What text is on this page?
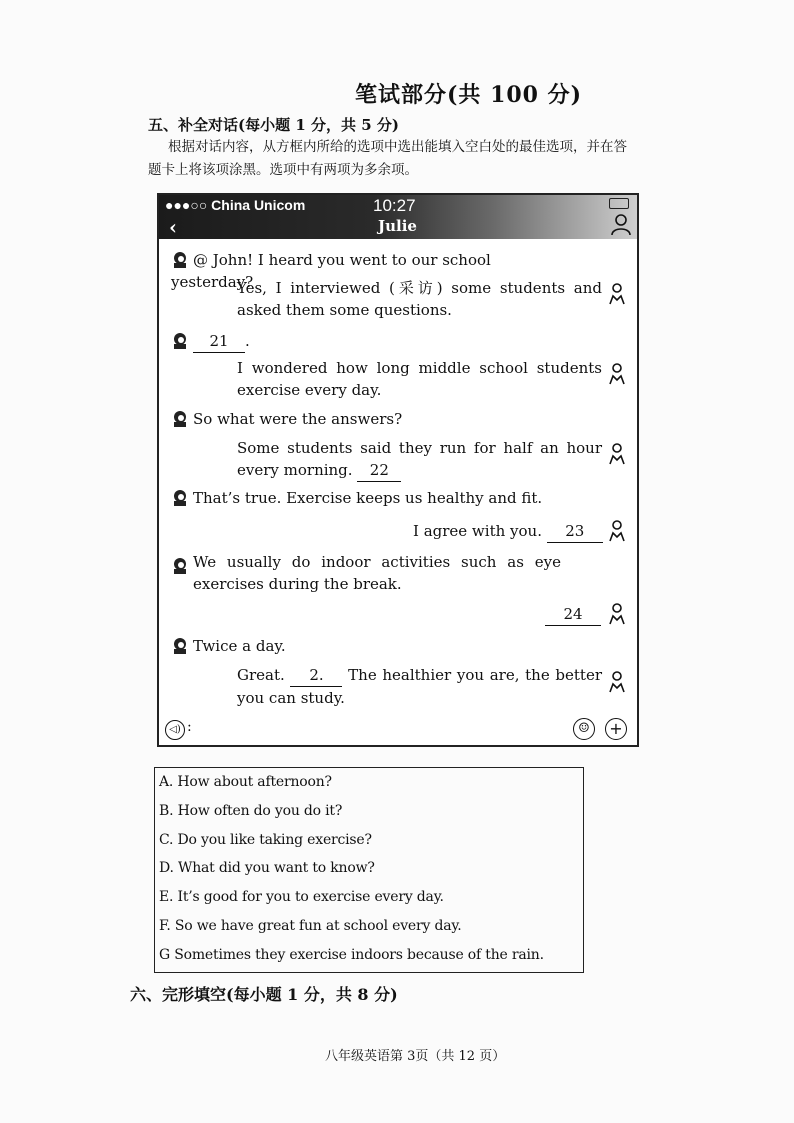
笔试部分(共 100 分)
五、补全对话(每小题 1 分，共 5 分)
根据对话内容，从方框内所给的选项中选出能填入空白处的最佳选项，并在答
题卡上将该项涂黑。选项中有两项为多余项。
●●●○○ China Unicom	10:27
‹	Julie
@ John! I heard you went to our school yesterday?
Yes, I interviewed (采访) some students and asked them some questions.
21 .
I wondered how long middle school students exercise every day.
So what were the answers?
Some students said they run for half an hour every morning. 22
That’s true. Exercise keeps us healthy and fit.
I agree with you. 23
We usually do indoor activities such as eye exercises during the break.
24
Twice a day.
Great. 2. The healthier you are, the better you can study.
◁) :	☺	+
A. How about afternoon?
B. How often do you do it?
C. Do you like taking exercise?
D. What did you want to know?
E. It’s good for you to exercise every day.
F. So we have great fun at school every day.
G Sometimes they exercise indoors because of the rain.
六、完形填空(每小题 1 分，共 8 分)
八年级英语第 3页（共 12 页）
